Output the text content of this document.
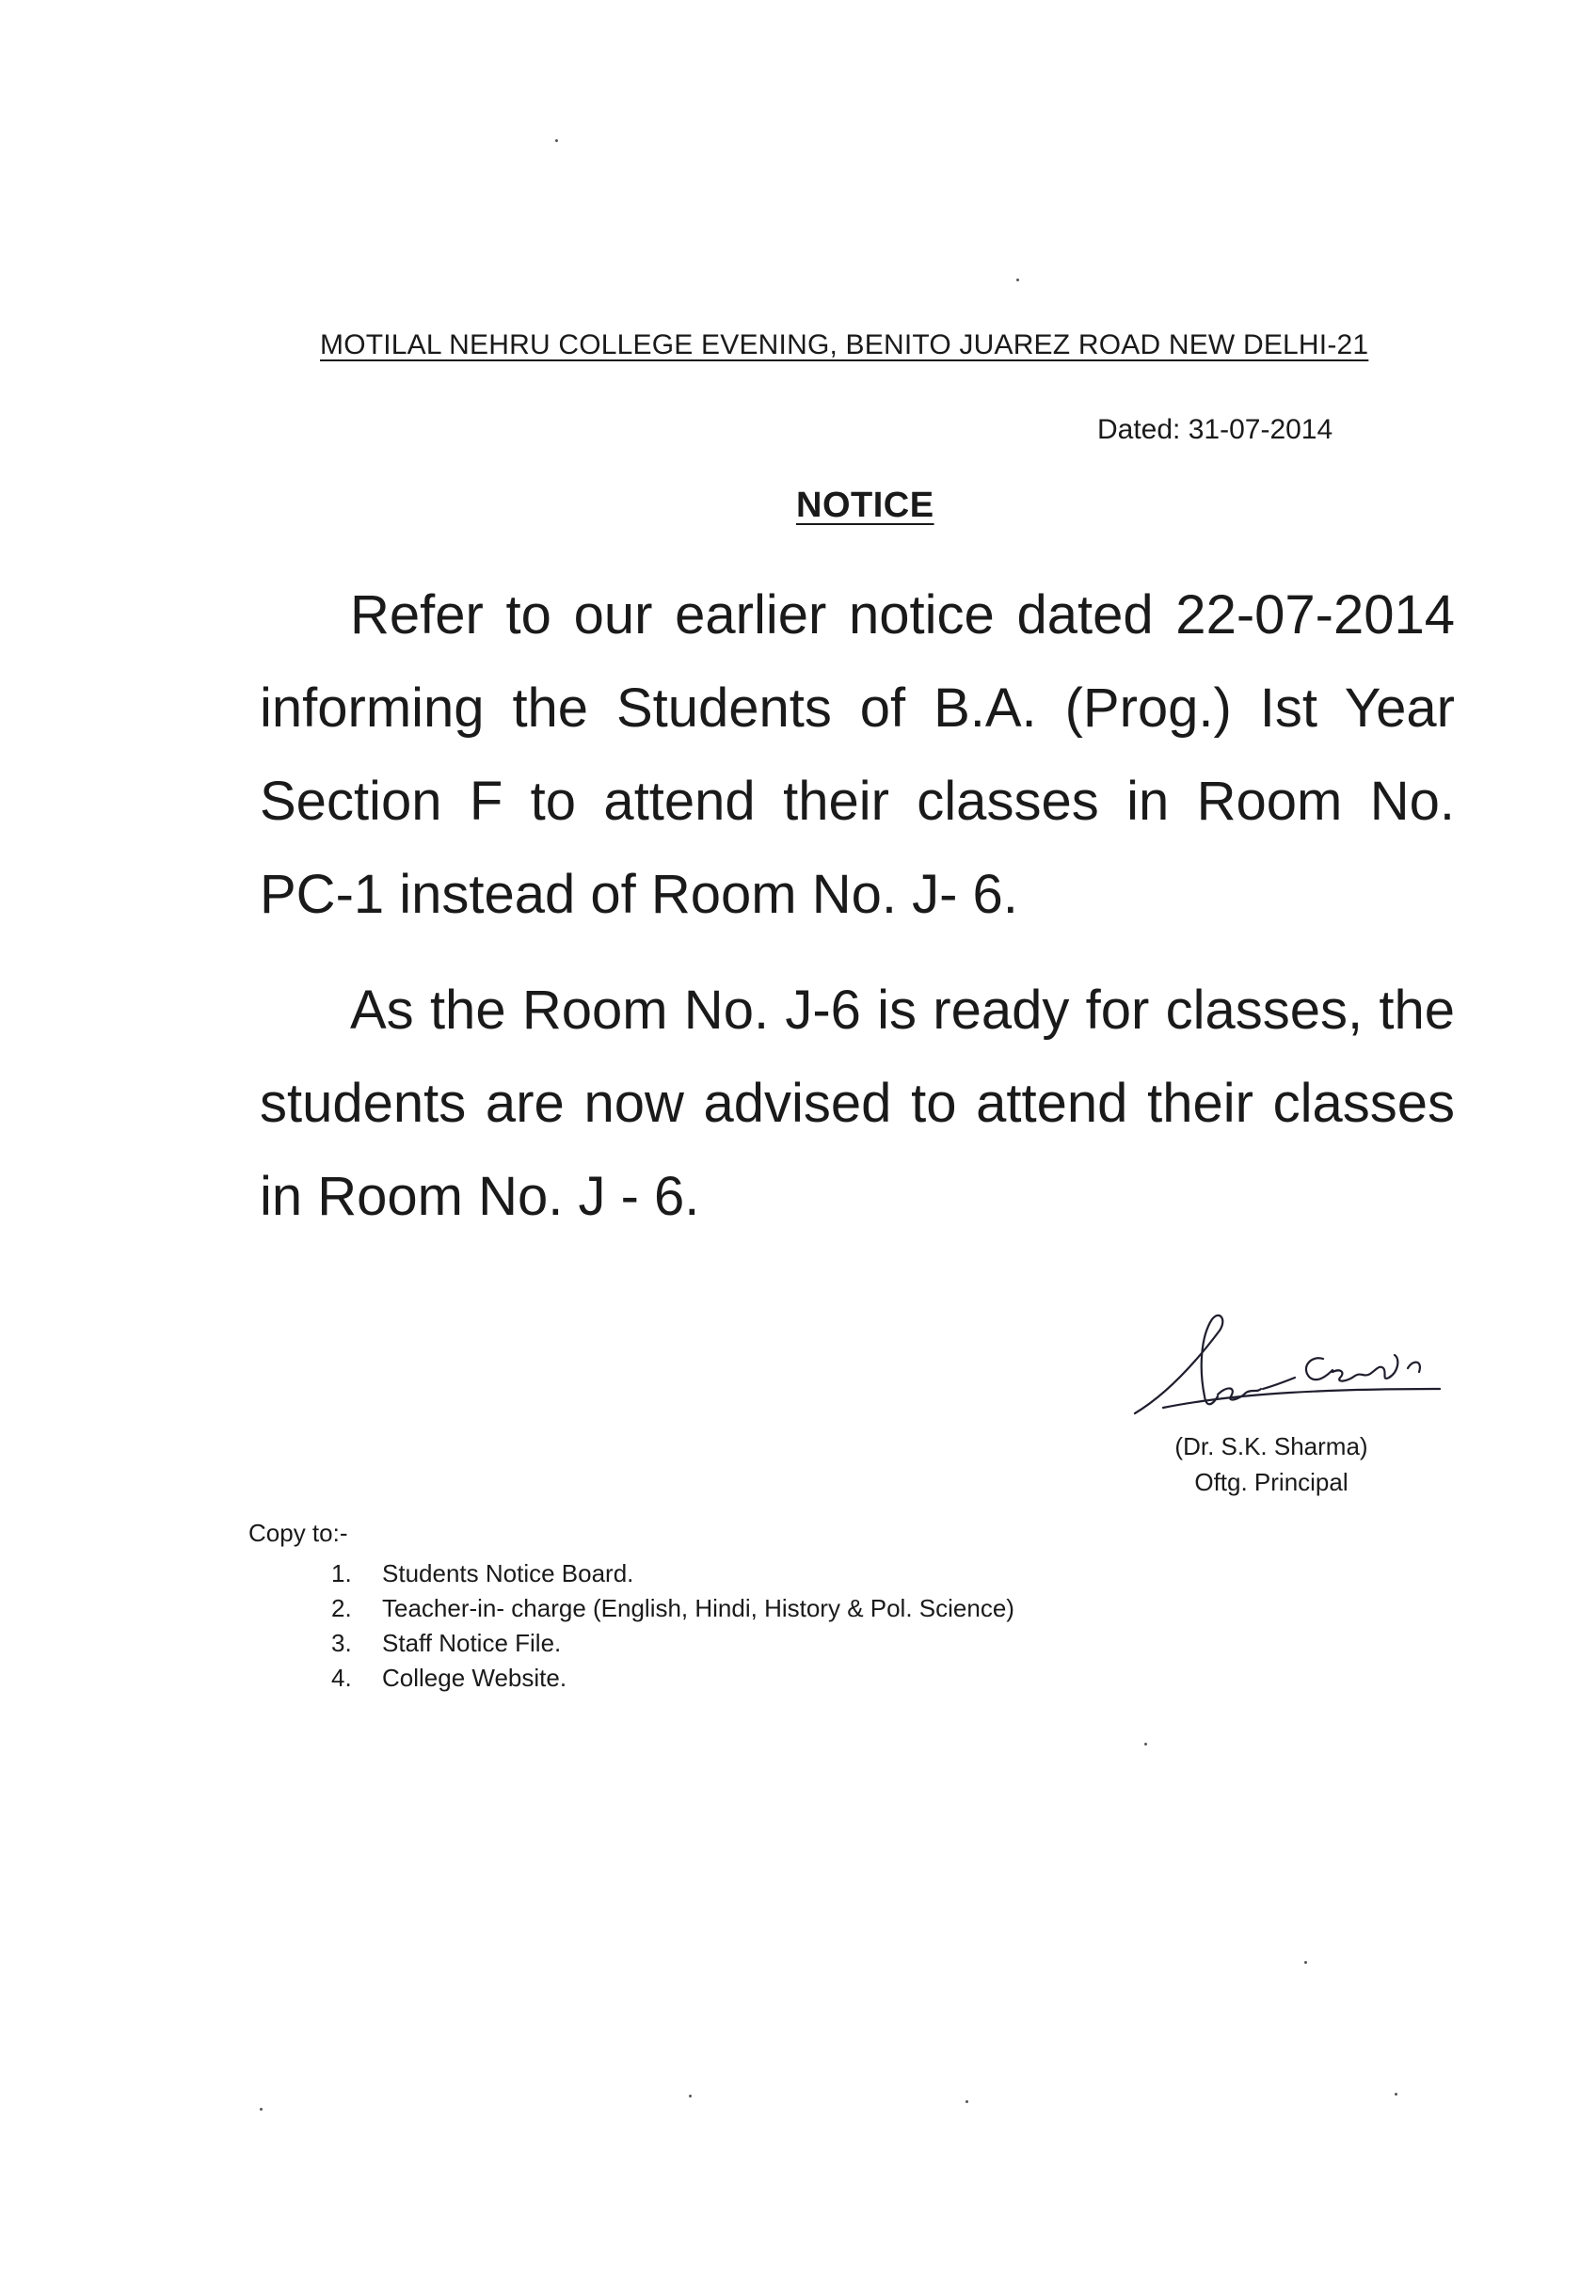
MOTILAL NEHRU COLLEGE EVENING, BENITO JUAREZ ROAD NEW DELHI-21
Dated: 31-07-2014
NOTICE

Refer to our earlier notice dated 22-07-2014 informing the Students of B.A. (Prog.) Ist Year Section F to attend their classes in Room No. PC-1 instead of Room No. J- 6.

As the Room No. J-6 is ready for classes, the students are now advised to attend their classes in Room No. J - 6.

(Dr. S.K. Sharma)
Oftg. Principal
Copy to:-
1.	Students Notice Board.
2.	Teacher-in- charge (English, Hindi, History & Pol. Science)
3.	Staff Notice File.
4.	College Website.
